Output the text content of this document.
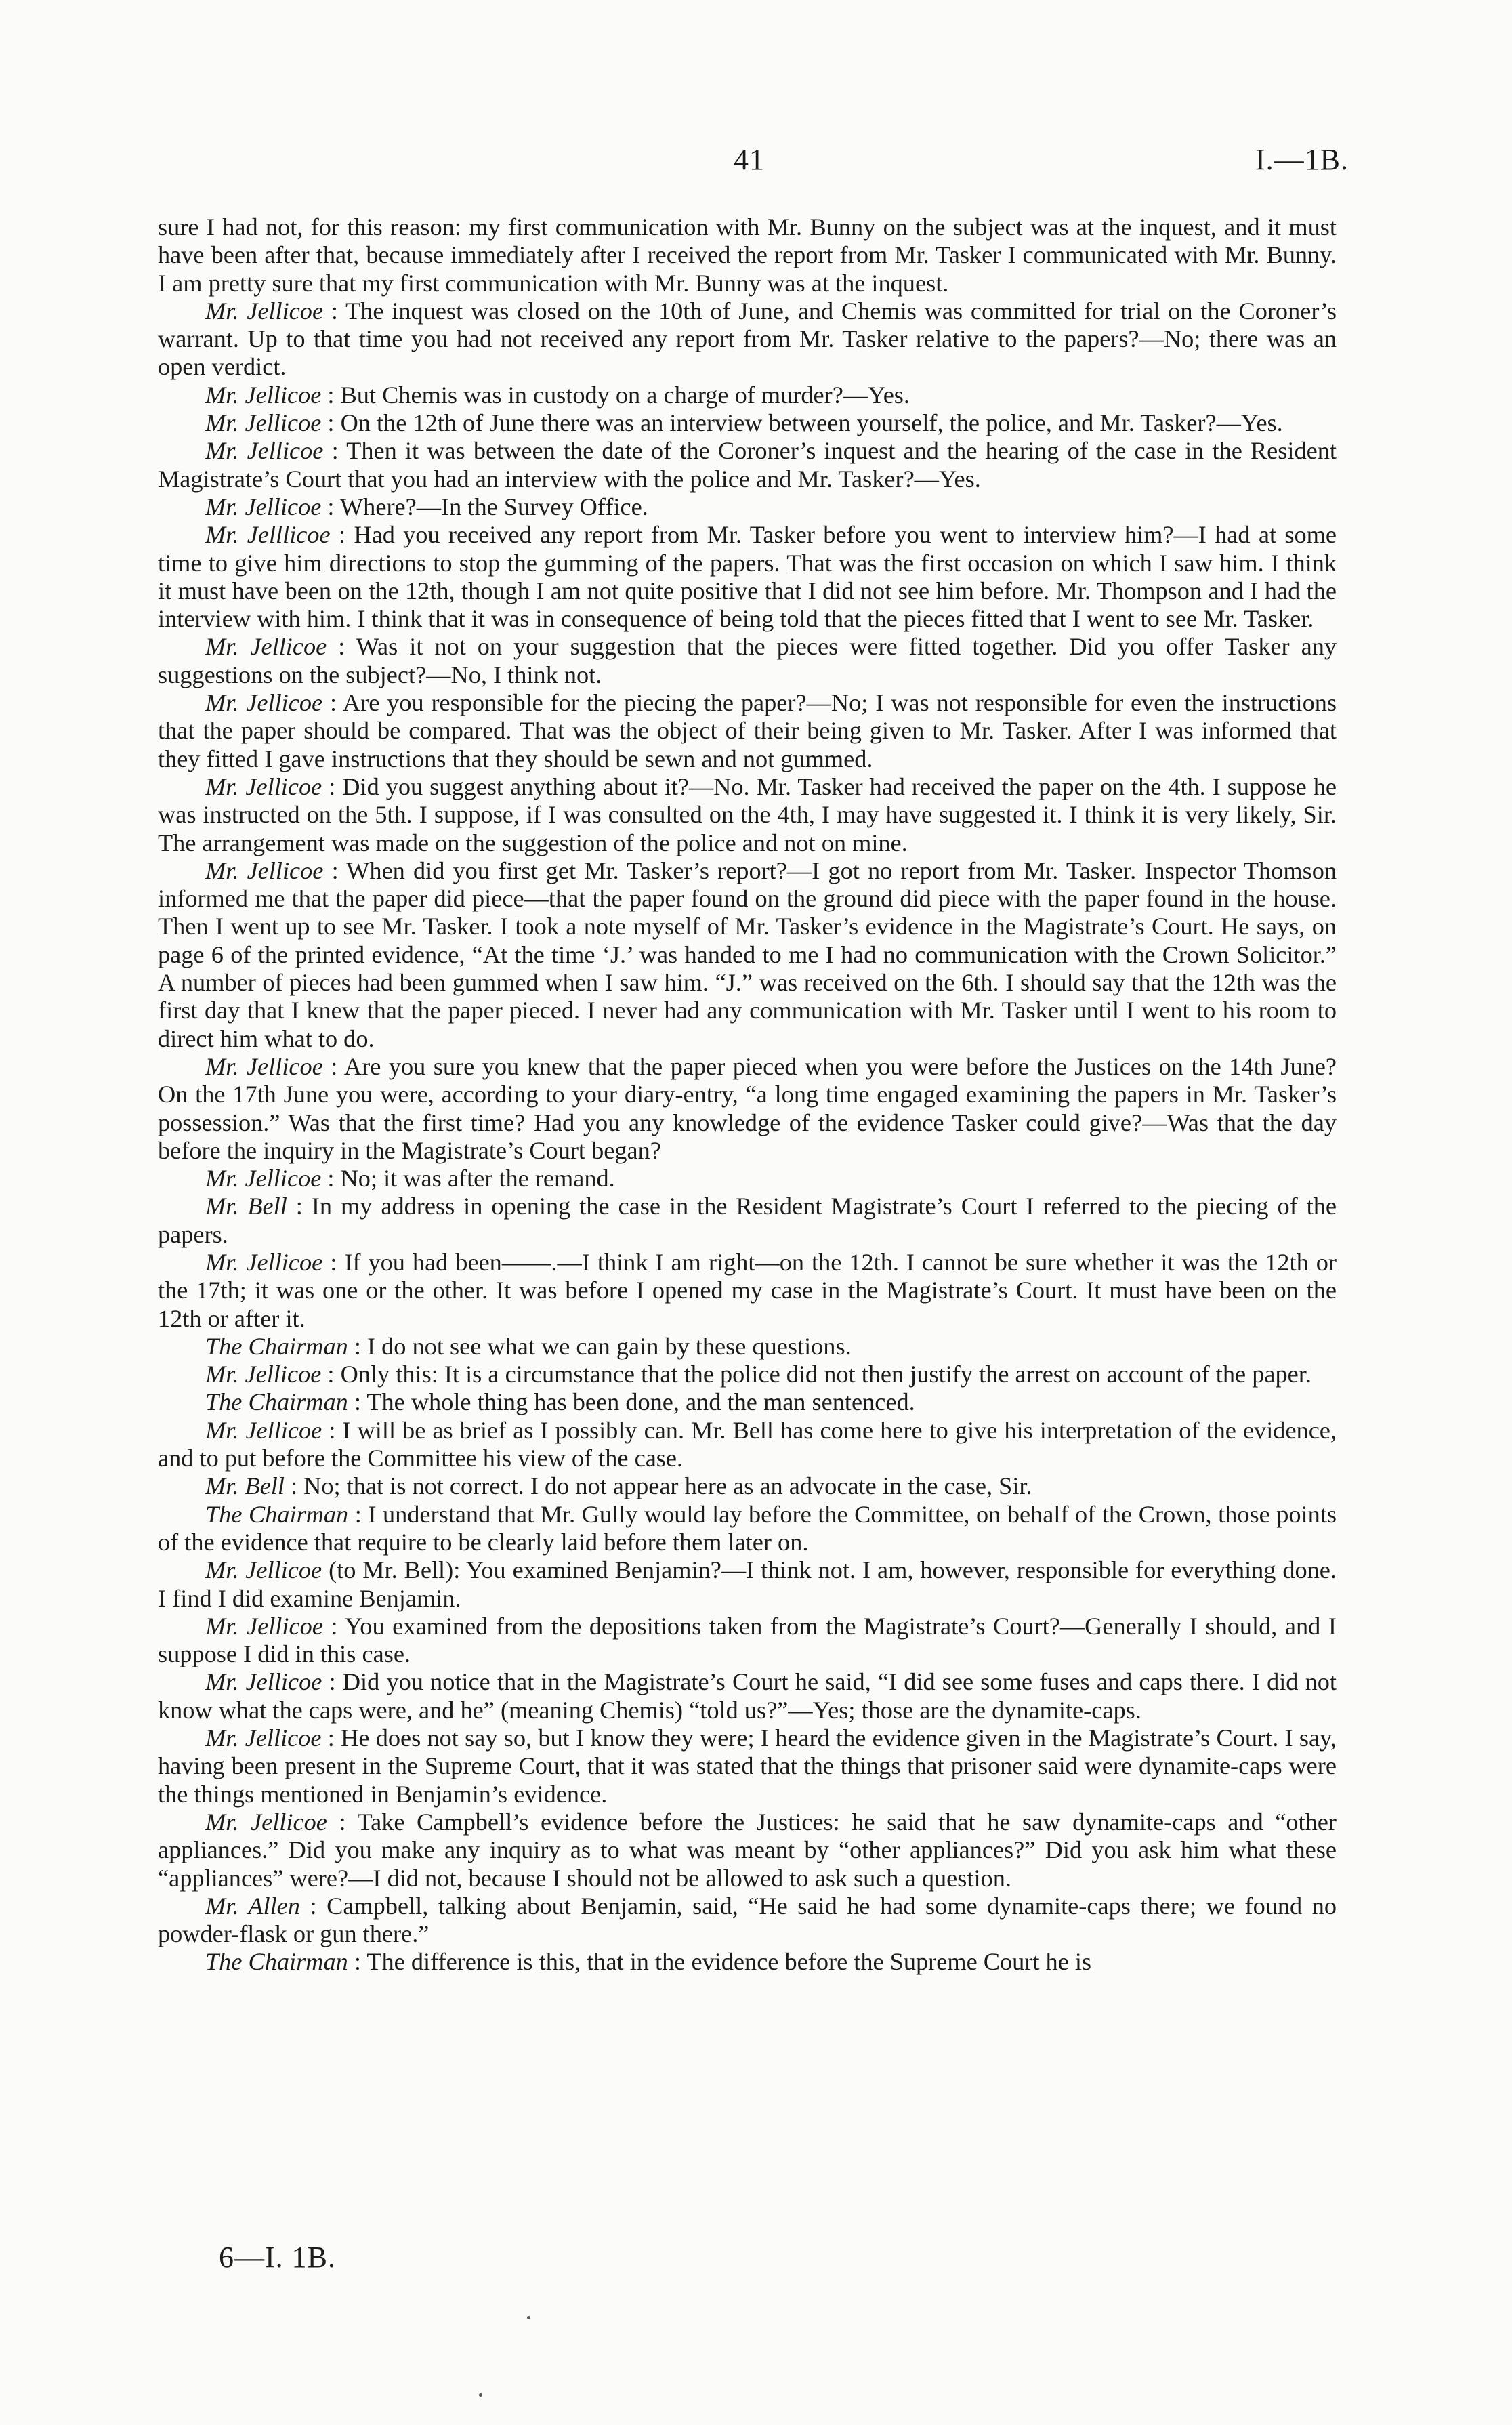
41	I.—1B.

sure I had not, for this reason: my first communication with Mr. Bunny on the subject was at the inquest, and it must have been after that, because immediately after I received the report from Mr. Tasker I communicated with Mr. Bunny. I am pretty sure that my first communication with Mr. Bunny was at the inquest.

Mr. Jellicoe : The inquest was closed on the 10th of June, and Chemis was committed for trial on the Coroner’s warrant. Up to that time you had not received any report from Mr. Tasker relative to the papers?—No; there was an open verdict.

Mr. Jellicoe : But Chemis was in custody on a charge of murder?—Yes.

Mr. Jellicoe : On the 12th of June there was an interview between yourself, the police, and Mr. Tasker?—Yes.

Mr. Jellicoe : Then it was between the date of the Coroner’s inquest and the hearing of the case in the Resident Magistrate’s Court that you had an interview with the police and Mr. Tasker?—Yes.

Mr. Jellicoe : Where?—In the Survey Office.

Mr. Jelllicoe : Had you received any report from Mr. Tasker before you went to interview him?—I had at some time to give him directions to stop the gumming of the papers. That was the first occasion on which I saw him. I think it must have been on the 12th, though I am not quite positive that I did not see him before. Mr. Thompson and I had the interview with him. I think that it was in consequence of being told that the pieces fitted that I went to see Mr. Tasker.

Mr. Jellicoe : Was it not on your suggestion that the pieces were fitted together. Did you offer Tasker any suggestions on the subject?—No, I think not.

Mr. Jellicoe : Are you responsible for the piecing the paper?—No; I was not responsible for even the instructions that the paper should be compared. That was the object of their being given to Mr. Tasker. After I was informed that they fitted I gave instructions that they should be sewn and not gummed.

Mr. Jellicoe : Did you suggest anything about it?—No. Mr. Tasker had received the paper on the 4th. I suppose he was instructed on the 5th. I suppose, if I was consulted on the 4th, I may have suggested it. I think it is very likely, Sir. The arrangement was made on the suggestion of the police and not on mine.

Mr. Jellicoe : When did you first get Mr. Tasker’s report?—I got no report from Mr. Tasker. Inspector Thomson informed me that the paper did piece—that the paper found on the ground did piece with the paper found in the house. Then I went up to see Mr. Tasker. I took a note myself of Mr. Tasker’s evidence in the Magistrate’s Court. He says, on page 6 of the printed evidence, “At the time ‘J.’ was handed to me I had no communication with the Crown Solicitor.” A number of pieces had been gummed when I saw him. “J.” was received on the 6th. I should say that the 12th was the first day that I knew that the paper pieced. I never had any communication with Mr. Tasker until I went to his room to direct him what to do.

Mr. Jellicoe : Are you sure you knew that the paper pieced when you were before the Justices on the 14th June? On the 17th June you were, according to your diary-entry, “a long time engaged examining the papers in Mr. Tasker’s possession.” Was that the first time? Had you any knowledge of the evidence Tasker could give?—Was that the day before the inquiry in the Magistrate’s Court began?

Mr. Jellicoe : No; it was after the remand.

Mr. Bell : In my address in opening the case in the Resident Magistrate’s Court I referred to the piecing of the papers.

Mr. Jellicoe : If you had been——.—I think I am right—on the 12th. I cannot be sure whether it was the 12th or the 17th; it was one or the other. It was before I opened my case in the Magistrate’s Court. It must have been on the 12th or after it.

The Chairman : I do not see what we can gain by these questions.

Mr. Jellicoe : Only this: It is a circumstance that the police did not then justify the arrest on account of the paper.

The Chairman : The whole thing has been done, and the man sentenced.

Mr. Jellicoe : I will be as brief as I possibly can. Mr. Bell has come here to give his interpretation of the evidence, and to put before the Committee his view of the case.

Mr. Bell : No; that is not correct. I do not appear here as an advocate in the case, Sir.

The Chairman : I understand that Mr. Gully would lay before the Committee, on behalf of the Crown, those points of the evidence that require to be clearly laid before them later on.

Mr. Jellicoe (to Mr. Bell): You examined Benjamin?—I think not. I am, however, responsible for everything done. I find I did examine Benjamin.

Mr. Jellicoe : You examined from the depositions taken from the Magistrate’s Court?—Generally I should, and I suppose I did in this case.

Mr. Jellicoe : Did you notice that in the Magistrate’s Court he said, “I did see some fuses and caps there. I did not know what the caps were, and he” (meaning Chemis) “told us?”—Yes; those are the dynamite-caps.

Mr. Jellicoe : He does not say so, but I know they were; I heard the evidence given in the Magistrate’s Court. I say, having been present in the Supreme Court, that it was stated that the things that prisoner said were dynamite-caps were the things mentioned in Benjamin’s evidence.

Mr. Jellicoe : Take Campbell’s evidence before the Justices: he said that he saw dynamite-caps and “other appliances.” Did you make any inquiry as to what was meant by “other appliances?” Did you ask him what these “appliances” were?—I did not, because I should not be allowed to ask such a question.

Mr. Allen : Campbell, talking about Benjamin, said, “He said he had some dynamite-caps there; we found no powder-flask or gun there.”

The Chairman : The difference is this, that in the evidence before the Supreme Court he is

6—I. 1B.
